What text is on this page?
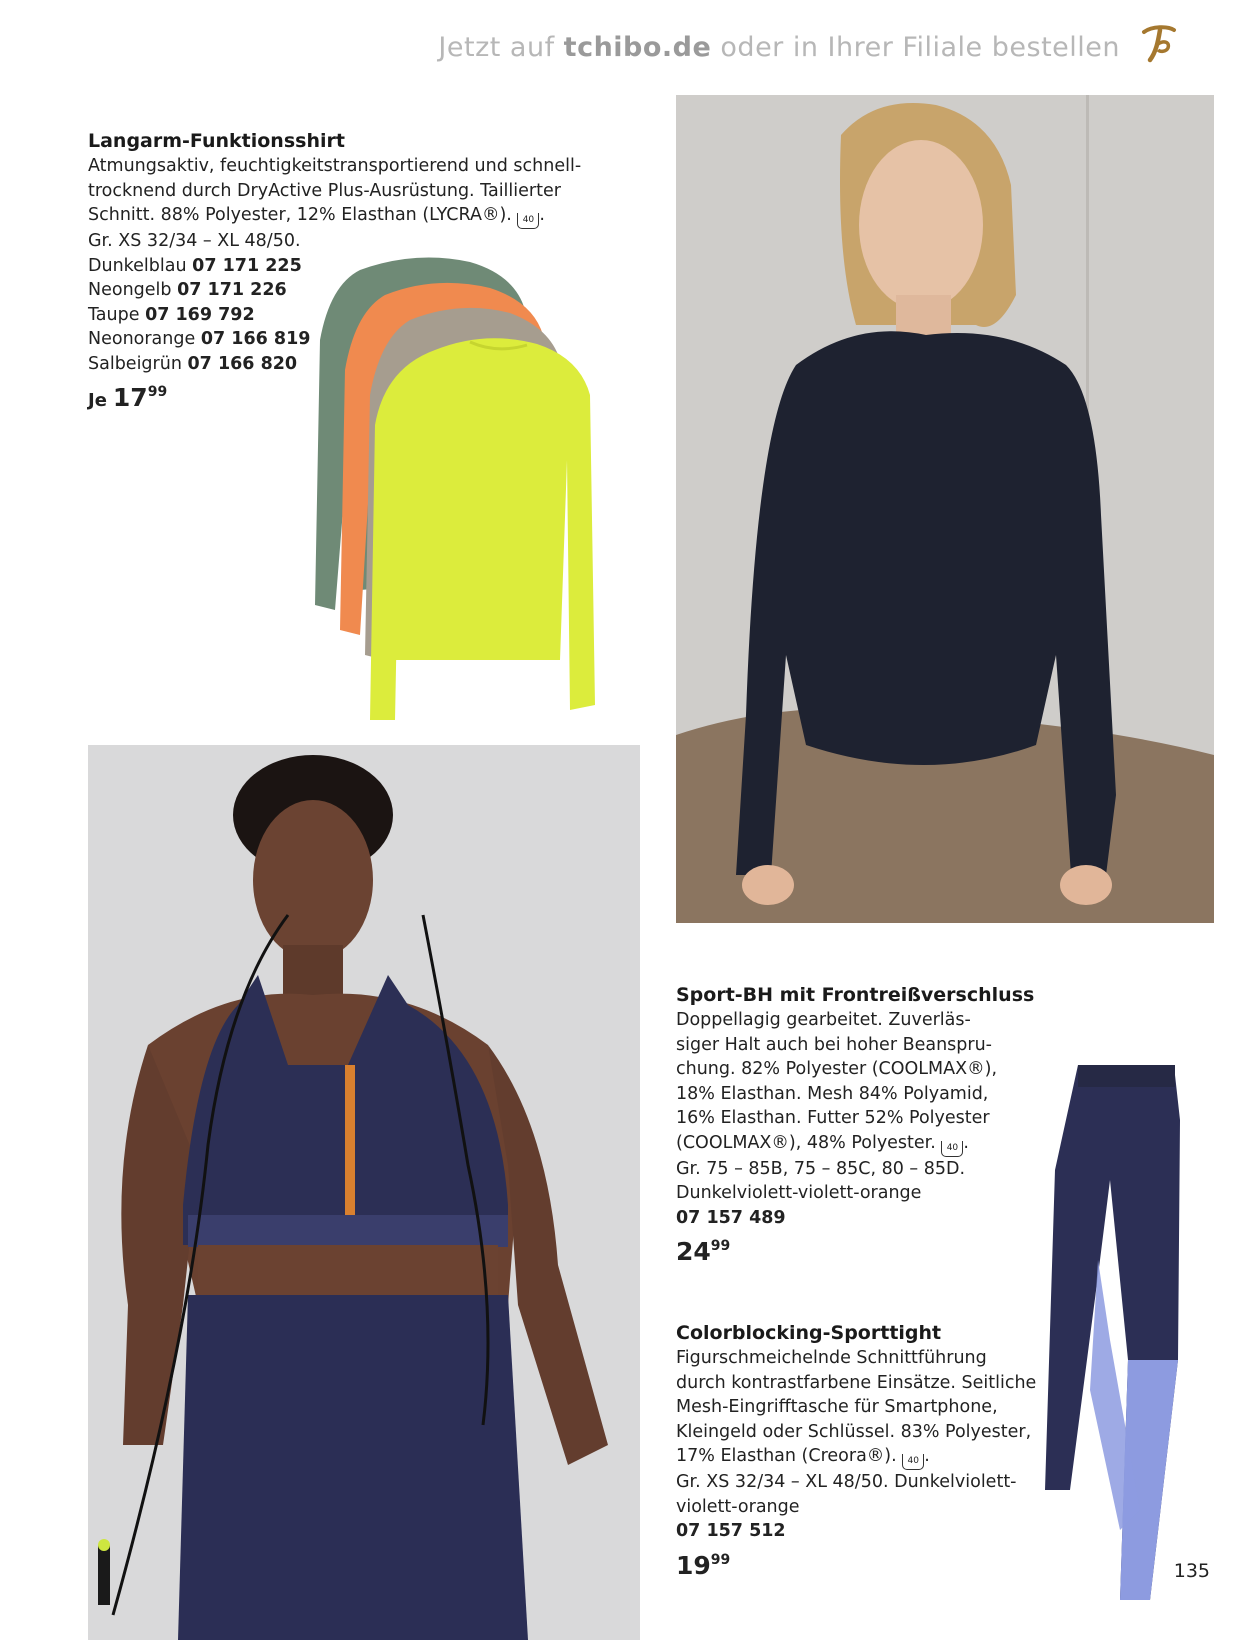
Jetzt auf tchibo.de oder in Ihrer Filiale bestellen
Langarm-Funktionsshirt
Atmungsaktiv, feuchtigkeitstransportierend und schnell-
trocknend durch DryActive Plus-Ausrüstung. Taillierter
Schnitt. 88% Polyester, 12% Elasthan (LYCRA®). 40 .
Gr. XS 32/34 – XL 48/50.
Dunkelblau 07 171 225
Neongelb 07 171 226
Taupe 07 169 792
Neonorange 07 166 819
Salbeigrün 07 166 820
Je $17^{99}$
Sport-BH mit Frontreißverschluss
Doppellagig gearbeitet. Zuverläs-
siger Halt auch bei hoher Beanspru-
chung. 82% Polyester (COOLMAX®),
18% Elasthan. Mesh 84% Polyamid,
16% Elasthan. Futter 52% Polyester
(COOLMAX®), 48% Polyester. 40 .
Gr. 75 – 85B, 75 – 85C, 80 – 85D.
Dunkelviolett-violett-orange
07 157 489
$24^{99}$
Colorblocking-Sporttight
Figurschmeichelnde Schnittführung
durch kontrastfarbene Einsätze. Seitliche
Mesh-Eingrifftasche für Smartphone,
Kleingeld oder Schlüssel. 83% Polyester,
17% Elasthan (Creora®). 40 .
Gr. XS 32/34 – XL 48/50. Dunkelviolett-
violett-orange
07 157 512
$19^{99}$
135
